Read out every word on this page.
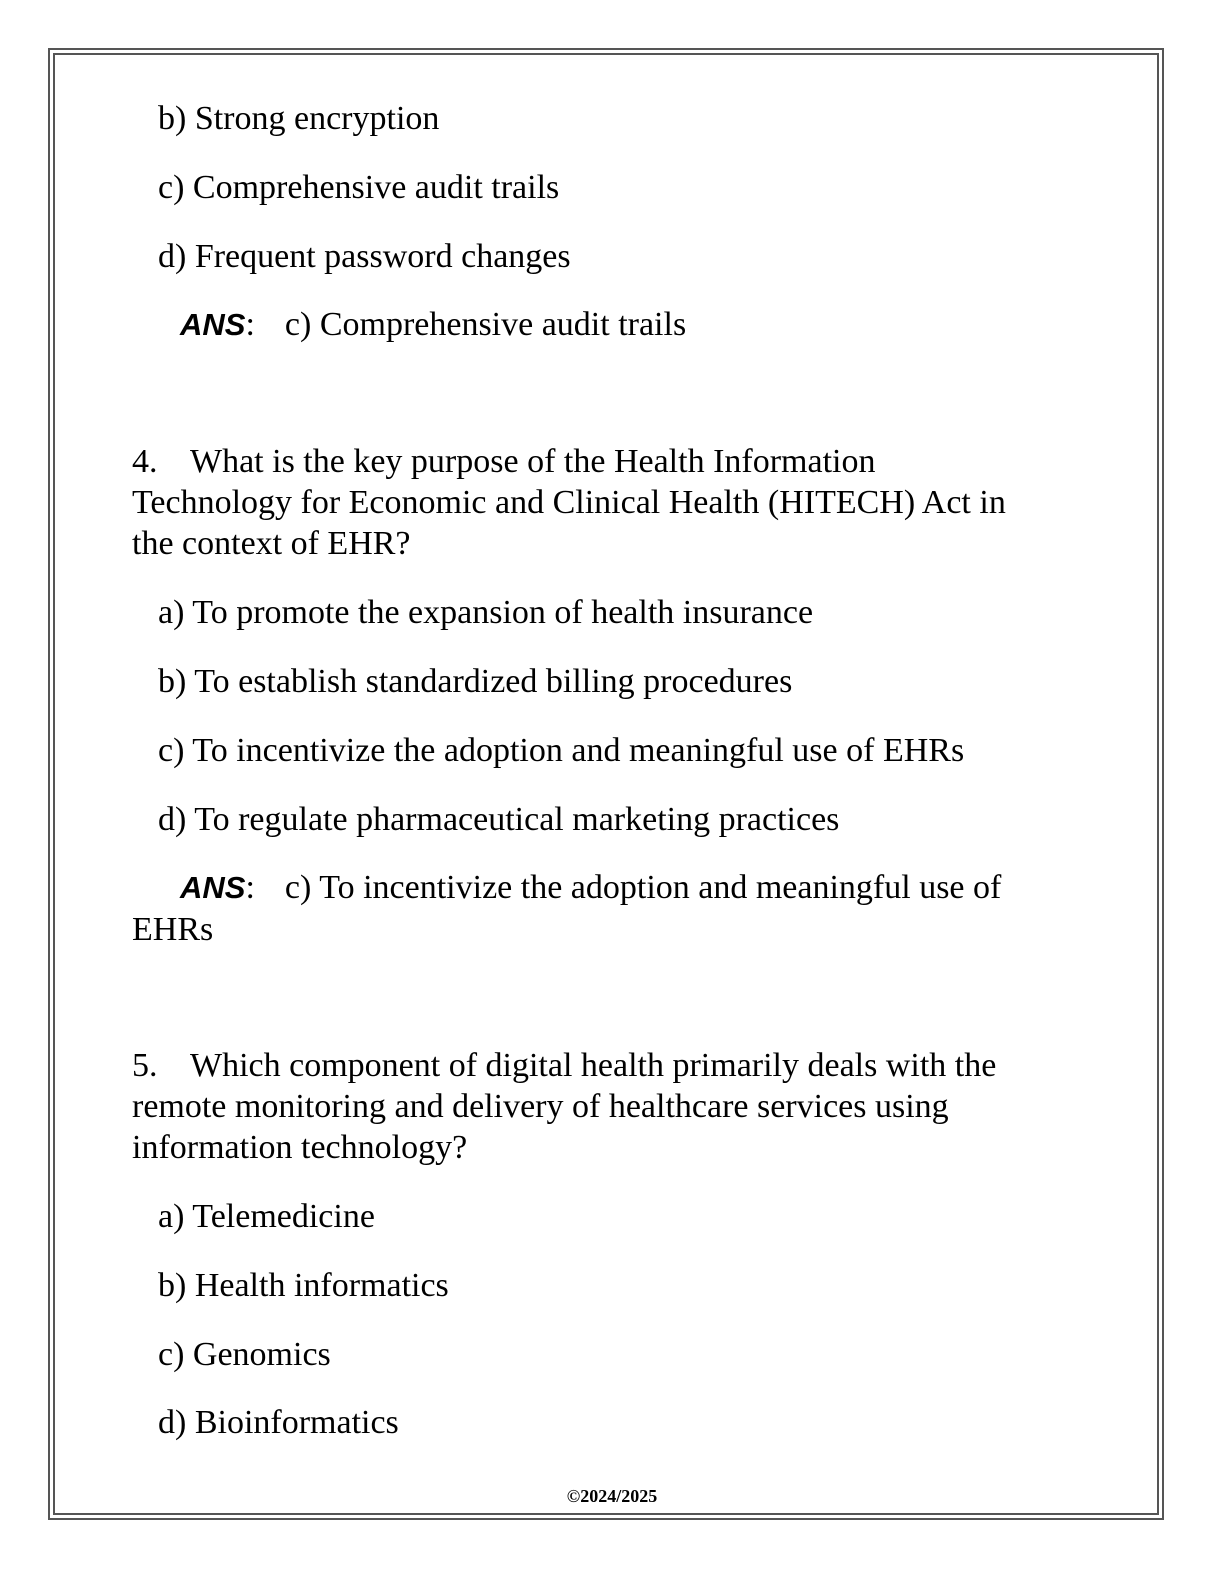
b) Strong encryption
c) Comprehensive audit trails
d) Frequent password changes
ANS: c) Comprehensive audit trails
4. What is the key purpose of the Health Information
Technology for Economic and Clinical Health (HITECH) Act in
the context of EHR?
a) To promote the expansion of health insurance
b) To establish standardized billing procedures
c) To incentivize the adoption and meaningful use of EHRs
d) To regulate pharmaceutical marketing practices
ANS: c) To incentivize the adoption and meaningful use of
EHRs
5. Which component of digital health primarily deals with the
remote monitoring and delivery of healthcare services using
information technology?
a) Telemedicine
b) Health informatics
c) Genomics
d) Bioinformatics
©2024/2025
